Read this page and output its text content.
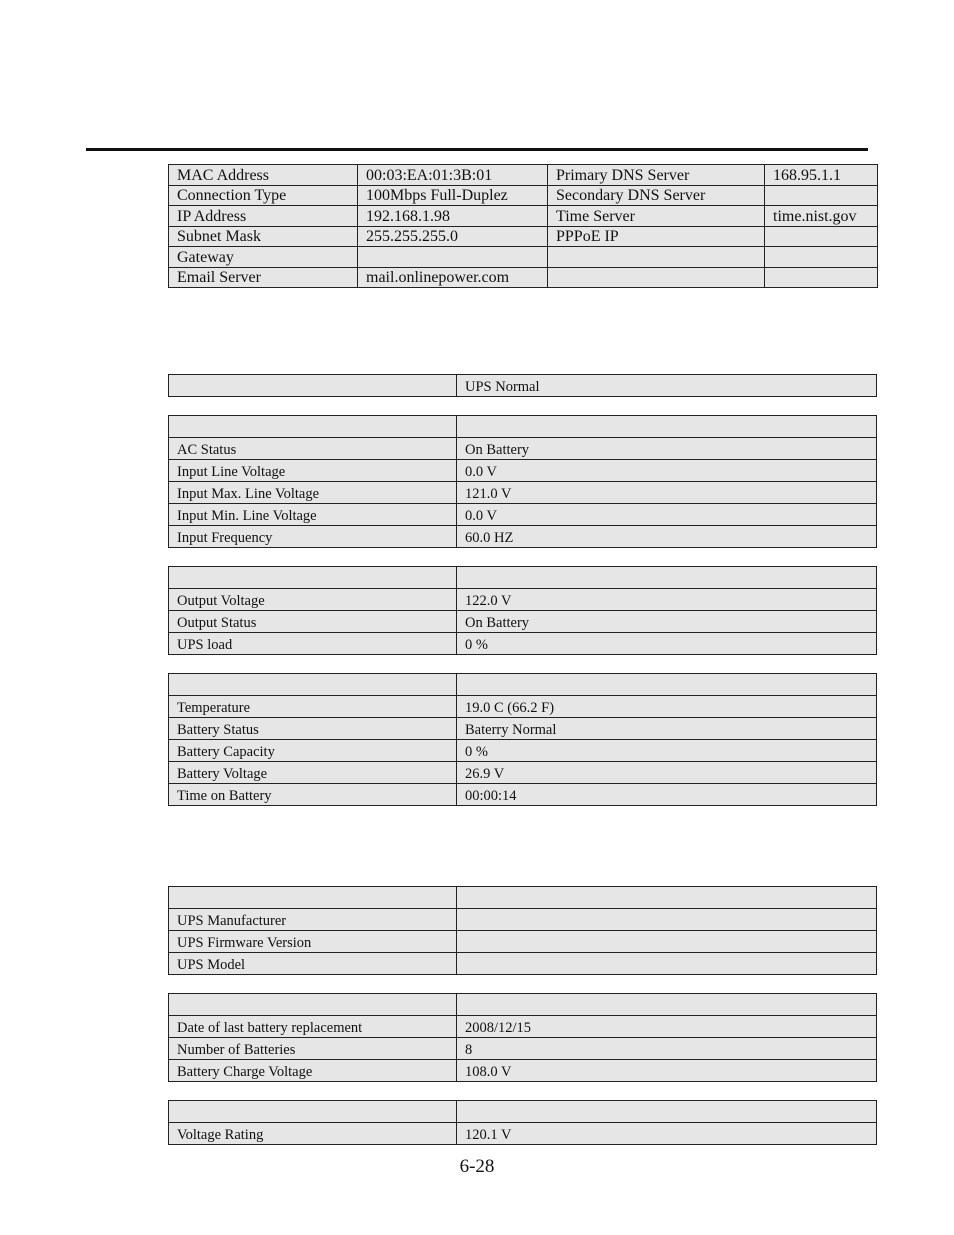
MAC Address	00:03:EA:01:3B:01	Primary DNS Server	168.95.1.1
Connection Type	100Mbps Full-Duplez	Secondary DNS Server	
IP Address	192.168.1.98	Time Server	time.nist.gov
Subnet Mask	255.255.255.0	PPPoE IP	
Gateway			
Email Server	mail.onlinepower.com		
	UPS Normal

AC Status	On Battery
Input Line Voltage	0.0 V
Input Max. Line Voltage	121.0 V
Input Min. Line Voltage	0.0 V
Input Frequency	60.0 HZ

Output Voltage	122.0 V
Output Status	On Battery
UPS load	0 %

Temperature	19.0 C (66.2 F)
Battery Status	Baterry Normal
Battery Capacity	0 %
Battery Voltage	26.9 V
Time on Battery	00:00:14

UPS Manufacturer	
UPS Firmware Version	
UPS Model	

Date of last battery replacement	2008/12/15
Number of Batteries	8
Battery Charge Voltage	108.0 V

Voltage Rating	120.1 V
6-28
